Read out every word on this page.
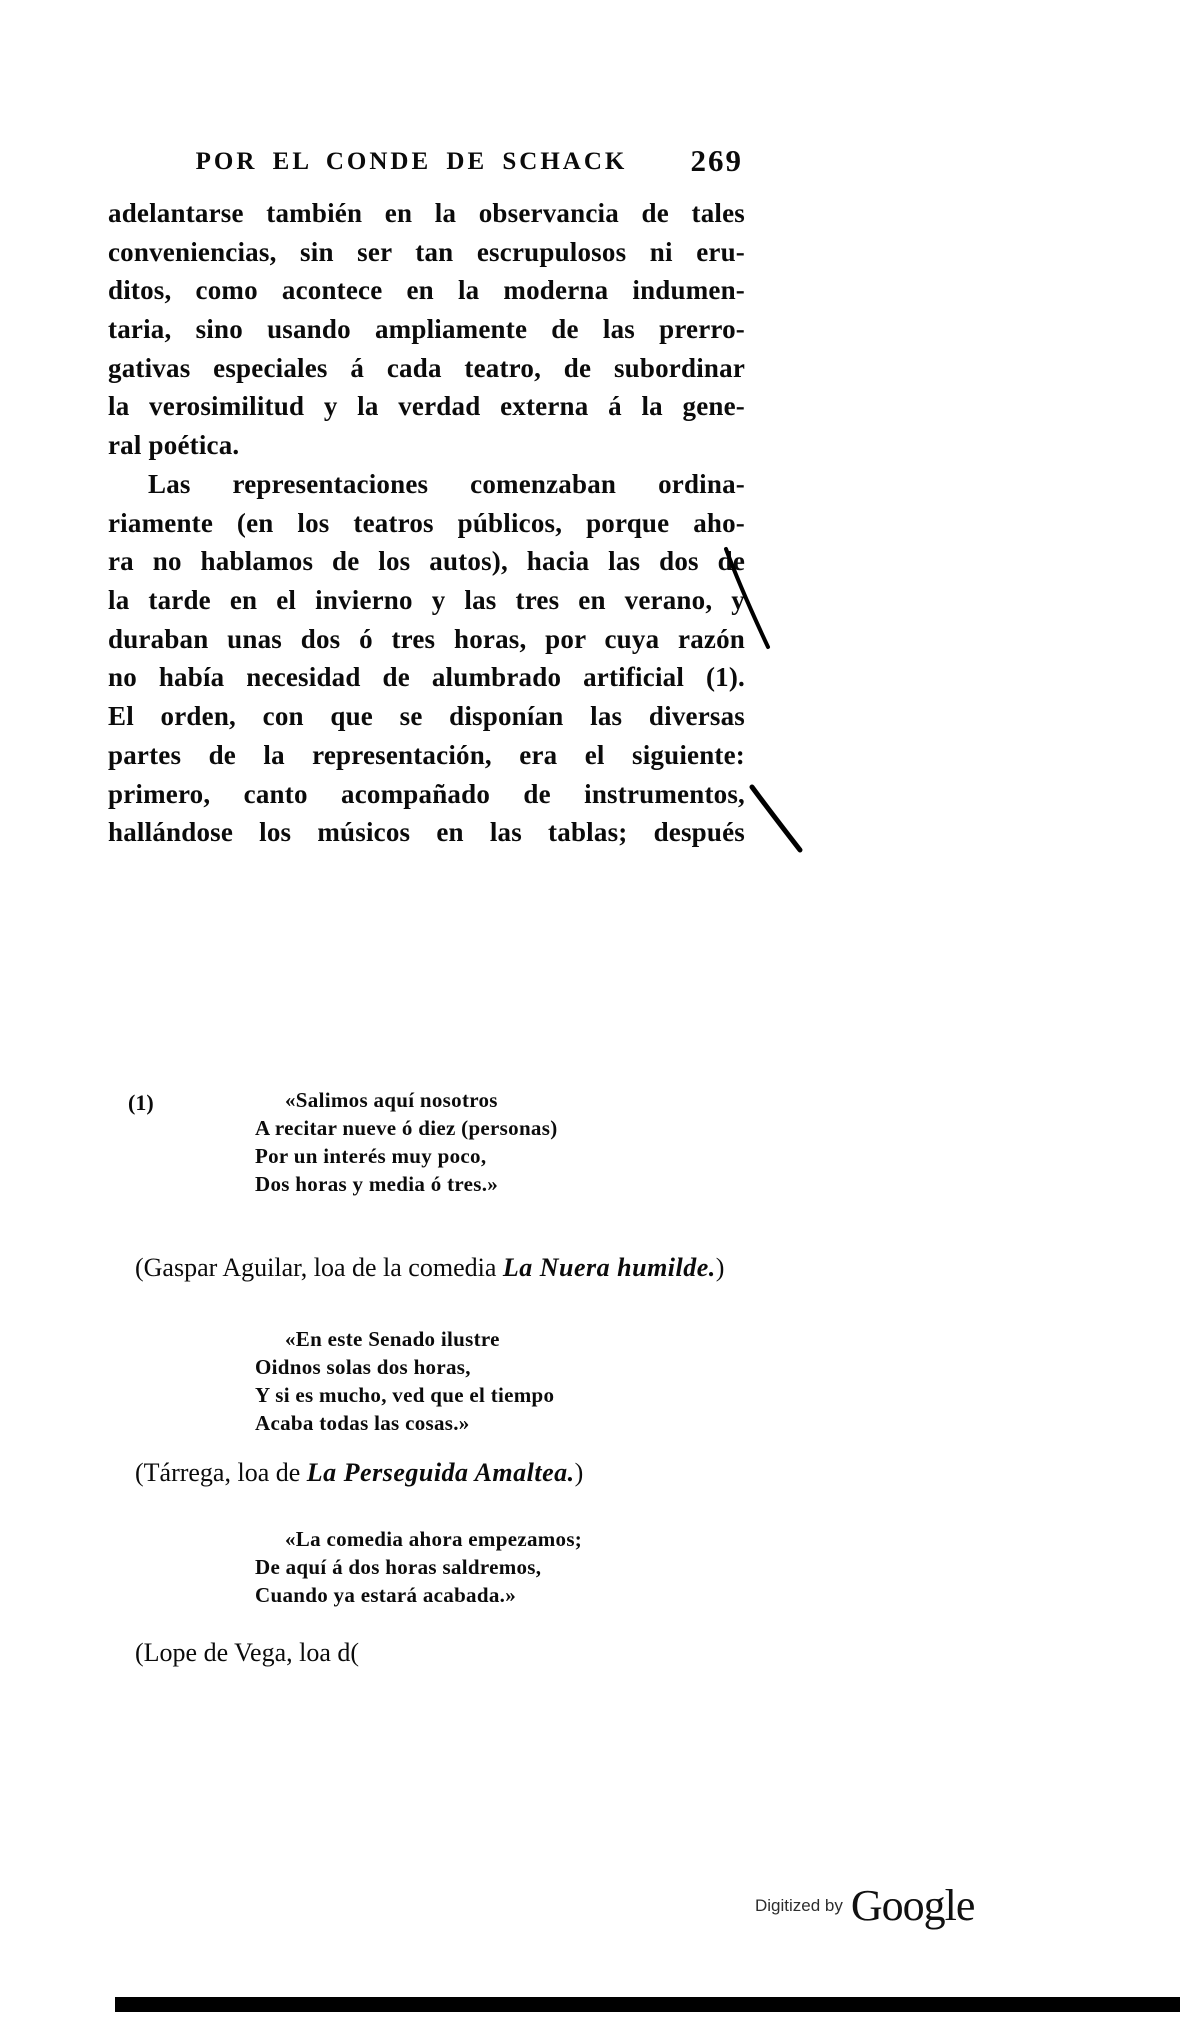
POR EL CONDE DE SCHACK	269
adelantarse también en la observancia de tales
conveniencias, sin ser tan escrupulosos ni eru-
ditos, como acontece en la moderna indumen-
taria, sino usando ampliamente de las prerro-
gativas especiales á cada teatro, de subordinar
la verosimilitud y la verdad externa á la gene-
ral poética.
Las representaciones comenzaban ordina-
riamente (en los teatros públicos, porque aho-
ra no hablamos de los autos), hacia las dos de
la tarde en el invierno y las tres en verano, y
duraban unas dos ó tres horas, por cuya razón
no había necesidad de alumbrado artificial (1).
El orden, con que se disponían las diversas
partes de la representación, era el siguiente:
primero, canto acompañado de instrumentos,
hallándose los músicos en las tablas; después
(1)	«Salimos aquí nosotros
A recitar nueve ó diez (personas)
Por un interés muy poco,
Dos horas y media ó tres.»
(Gaspar Aguilar, loa de la comedia La Nuera humilde.)
«En este Senado ilustre
Oidnos solas dos horas,
Y si es mucho, ved que el tiempo
Acaba todas las cosas.»
(Tárrega, loa de La Perseguida Amaltea.)
«La comedia ahora empezamos;
De aquí á dos horas saldremos,
Cuando ya estará acabada.»
(Lope de Vega, loa d(
Digitized by Google
